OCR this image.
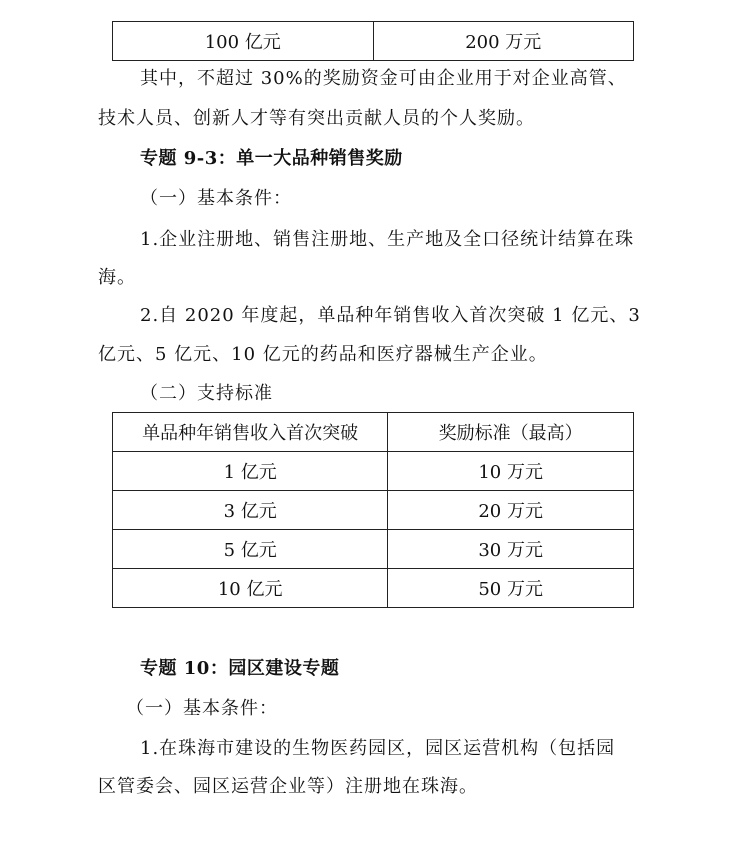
100 亿元	200 万元
其中，不超过 30%的奖励资金可由企业用于对企业高管、
技术人员、创新人才等有突出贡献人员的个人奖励。
专题 9-3：单一大品种销售奖励
（一）基本条件：
1.企业注册地、销售注册地、生产地及全口径统计结算在珠
海。
2.自 2020 年度起，单品种年销售收入首次突破 1 亿元、3
亿元、5 亿元、10 亿元的药品和医疗器械生产企业。
（二）支持标准
单品种年销售收入首次突破	奖励标准（最高）
1 亿元	10 万元
3 亿元	20 万元
5 亿元	30 万元
10 亿元	50 万元
专题 10：园区建设专题
（一）基本条件：
1.在珠海市建设的生物医药园区，园区运营机构（包括园
区管委会、园区运营企业等）注册地在珠海。
